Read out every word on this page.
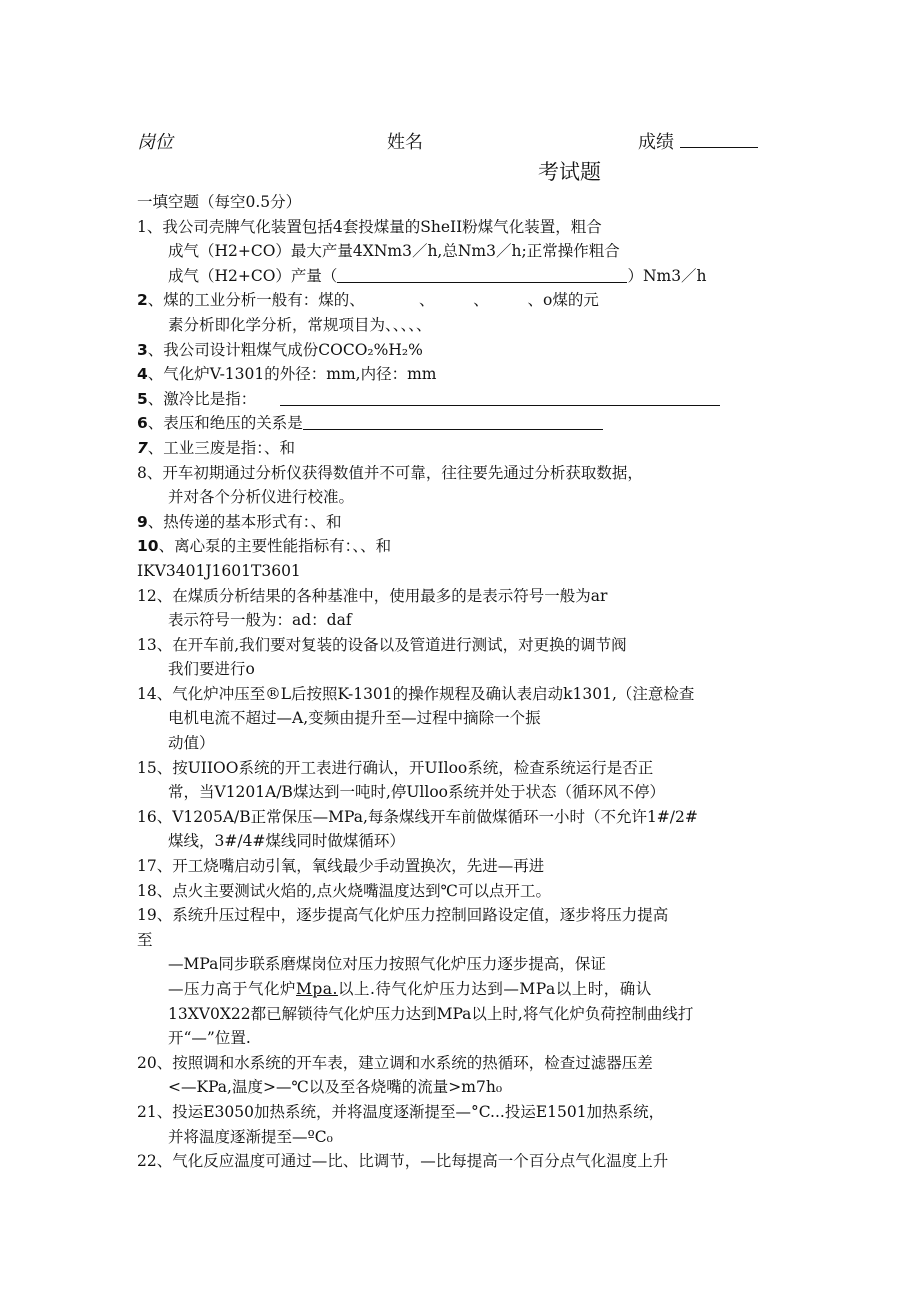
岗位	姓名	成绩
考试题
一填空题（每空0.5分）
1、我公司壳牌气化装置包括4套投煤量的SheII粉煤气化装置，粗合
成气（H2+CO）最大产量4XNm3／h,总Nm3／h;正常操作粗合
成气（H2+CO）产量（	）Nm3／h
2、煤的工业分析一般有：煤的、　　　　、　　　、　　　、o煤的元
素分析即化学分析，常规项目为、、、、、
3、我公司设计粗煤气成份COCO₂%H₂%
4、气化炉V-1301的外径：mm,内径：mm
5、激冷比是指：
6、表压和绝压的关系是
7、工业三废是指：、和
8、开车初期通过分析仪获得数值并不可靠，往往要先通过分析获取数据，
并对各个分析仪进行校准。
9、热传递的基本形式有：、和
10、离心泵的主要性能指标有：、、和
IKV3401J1601T3601
12、在煤质分析结果的各种基准中，使用最多的是表示符号一般为ar
表示符号一般为：ad：daf
13、在开车前,我们要对复装的设备以及管道进行测试，对更换的调节阀
我们要进行o
14、气化炉冲压至®L后按照K-1301的操作规程及确认表启动k1301,（注意检查
电机电流不超过—A,变频由提升至—过程中摘除一个振
动值）
15、按UIIOO系统的开工表进行确认，开UIloo系统，检查系统运行是否正
常，当V1201A/B煤达到一吨时,停Ulloo系统并处于状态（循环风不停）
16、V1205A/B正常保压—MPa,每条煤线开车前做煤循环一小时（不允许1#/2#
煤线，3#/4#煤线同时做煤循环）
17、开工烧嘴启动引氧，氧线最少手动置换次，先进—再进
18、点火主要测试火焰的,点火烧嘴温度达到℃可以点开工。
19、系统升压过程中，逐步提高气化炉压力控制回路设定值，逐步将压力提高
至
—MPa同步联系磨煤岗位对压力按照气化炉压力逐步提高，保证
—压力高于气化炉Mpa.以上.待气化炉压力达到—MPa以上时，确认
13XV0X22都已解锁待气化炉压力达到MPa以上时,将气化炉负荷控制曲线打
开“—”位置.
20、按照调和水系统的开车表，建立调和水系统的热循环，检查过滤器压差
<—KPa,温度>—℃以及至各烧嘴的流量>m7h₀
21、投运E3050加热系统，并将温度逐渐提至—°C...投运E1501加热系统，
并将温度逐渐提至—ºC₀
22、气化反应温度可通过—比、比调节，—比每提高一个百分点气化温度上升
